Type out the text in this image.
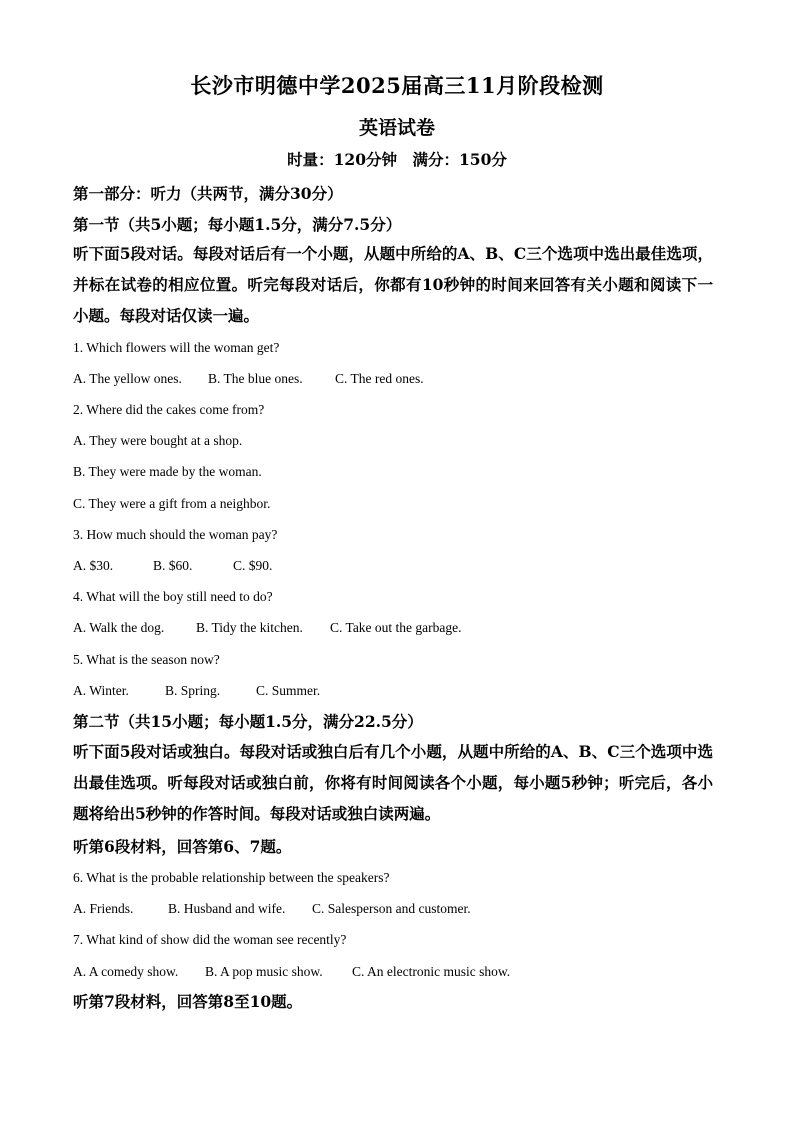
长沙市明德中学2025届高三11月阶段检测
英语试卷
时量：120分钟　满分：150分
第一部分：听力（共两节，满分30分）
第一节（共5小题；每小题1.5分，满分7.5分）
听下面5段对话。每段对话后有一个小题，从题中所给的A、B、C三个选项中选出最佳选项，并标在试卷的相应位置。听完每段对话后，你都有10秒钟的时间来回答有关小题和阅读下一小题。每段对话仅读一遍。
1. Which flowers will the woman get?
A. The yellow ones. B. The blue ones. C. The red ones.
2. Where did the cakes come from?
A. They were bought at a shop.
B. They were made by the woman.
C. They were a gift from a neighbor.
3. How much should the woman pay?
A. $30.	B. $60.	C. $90.
4. What will the boy still need to do?
A. Walk the dog. B. Tidy the kitchen. C. Take out the garbage.
5. What is the season now?
A. Winter.	B. Spring.	C. Summer.
第二节（共15小题；每小题1.5分，满分22.5分）
听下面5段对话或独白。每段对话或独白后有几个小题，从题中所给的A、B、C三个选项中选出最佳选项。听每段对话或独白前，你将有时间阅读各个小题，每小题5秒钟；听完后，各小题将给出5秒钟的作答时间。每段对话或独白读两遍。
听第6段材料，回答第6、7题。
6. What is the probable relationship between the speakers?
A. Friends.	B. Husband and wife. C. Salesperson and customer.
7. What kind of show did the woman see recently?
A. A comedy show. B. A pop music show. C. An electronic music show.
听第7段材料，回答第8至10题。
